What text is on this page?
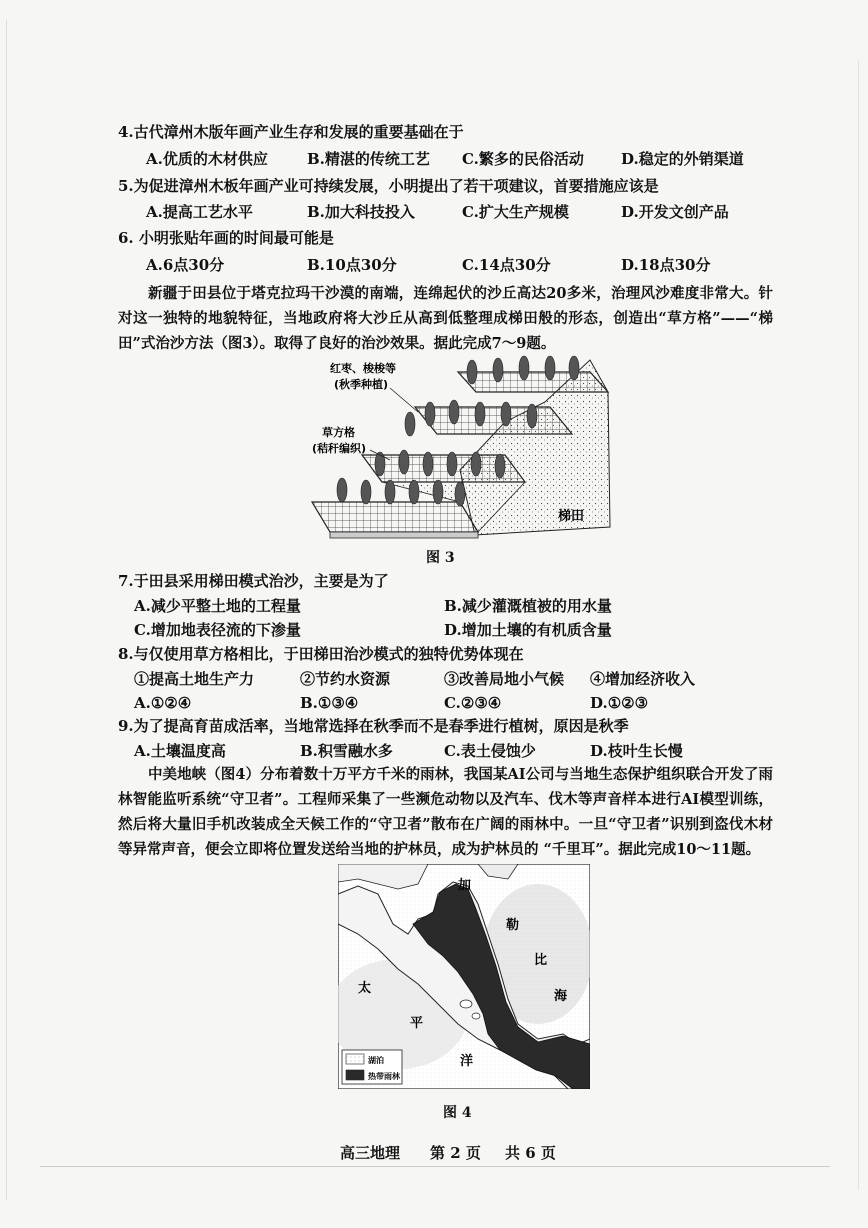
4.古代漳州木版年画产业生存和发展的重要基础在于
A.优质的木材供应	B.精湛的传统工艺 C.繁多的民俗活动 D.稳定的外销渠道
5.为促进漳州木板年画产业可持续发展，小明提出了若干项建议，首要措施应该是
A.提高工艺水平	B.加大科技投入	C.扩大生产规模	D.开发文创产品
6. 小明张贴年画的时间最可能是
A.6点30分	B.10点30分	C.14点30分	D.18点30分
新疆于田县位于塔克拉玛干沙漠的南端，连绵起伏的沙丘高达20多米，治理风沙难度非常大。针对这一独特的地貌特征，当地政府将大沙丘从高到低整理成梯田般的形态，创造出“草方格”——“梯田”式治沙方法（图3）。取得了良好的治沙效果。据此完成7～9题。
红枣、梭梭等
(秋季种植)
草方格
(秸秆编织)
梯田
图 3
7.于田县采用梯田模式治沙，主要是为了
A.减少平整土地的工程量	B.减少灌溉植被的用水量
C.增加地表径流的下渗量	D.增加土壤的有机质含量
8.与仅使用草方格相比，于田梯田治沙模式的独特优势体现在
①提高土地生产力	②节约水资源	③改善局地小气候 ④增加经济收入
A.①②④	B.①③④	C.②③④	D.①②③
9.为了提高育苗成活率，当地常选择在秋季而不是春季进行植树，原因是秋季
A.土壤温度高	B.积雪融水多	C.表土侵蚀少	D.枝叶生长慢
中美地峡（图4）分布着数十万平方千米的雨林，我国某AI公司与当地生态保护组织联合开发了雨林智能监听系统“守卫者”。工程师采集了一些濒危动物以及汽车、伐木等声音样本进行AI模型训练，然后将大量旧手机改装成全天候工作的“守卫者”散布在广阔的雨林中。一旦“守卫者”识别到盗伐木材等异常声音，便会立即将位置发送给当地的护林员，成为护林员的 “千里耳”。据此完成10～11题。
加
勒
比
海
太
平
洋
湖泊
热带雨林
图 4
高三地理 第 2 页 共 6 页
